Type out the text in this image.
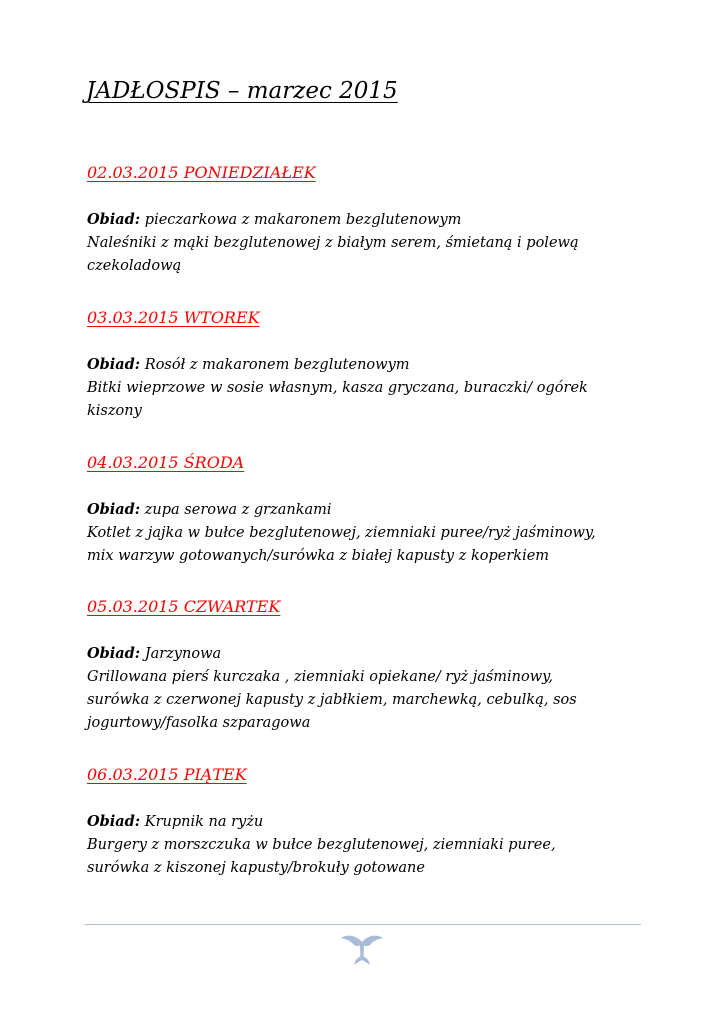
JADŁOSPIS – marzec 2015
02.03.2015 PONIEDZIAŁEK
Obiad: pieczarkowa z makaronem bezglutenowym
Naleśniki z mąki bezglutenowej z białym serem, śmietaną i polewą
czekoladową
03.03.2015 WTOREK
Obiad: Rosół z makaronem bezglutenowym
Bitki wieprzowe w sosie własnym, kasza gryczana, buraczki/ ogórek
kiszony
04.03.2015 ŚRODA
Obiad: zupa serowa z grzankami
Kotlet z jajka w bułce bezglutenowej, ziemniaki puree/ryż jaśminowy,
mix warzyw gotowanych/surówka z białej kapusty z koperkiem
05.03.2015 CZWARTEK
Obiad: Jarzynowa
Grillowana pierś kurczaka , ziemniaki opiekane/ ryż jaśminowy,
surówka z czerwonej kapusty z jabłkiem, marchewką, cebulką, sos
jogurtowy/fasolka szparagowa
06.03.2015 PIĄTEK
Obiad: Krupnik na ryżu
Burgery z morszczuka w bułce bezglutenowej, ziemniaki puree,
surówka z kiszonej kapusty/brokuły gotowane
